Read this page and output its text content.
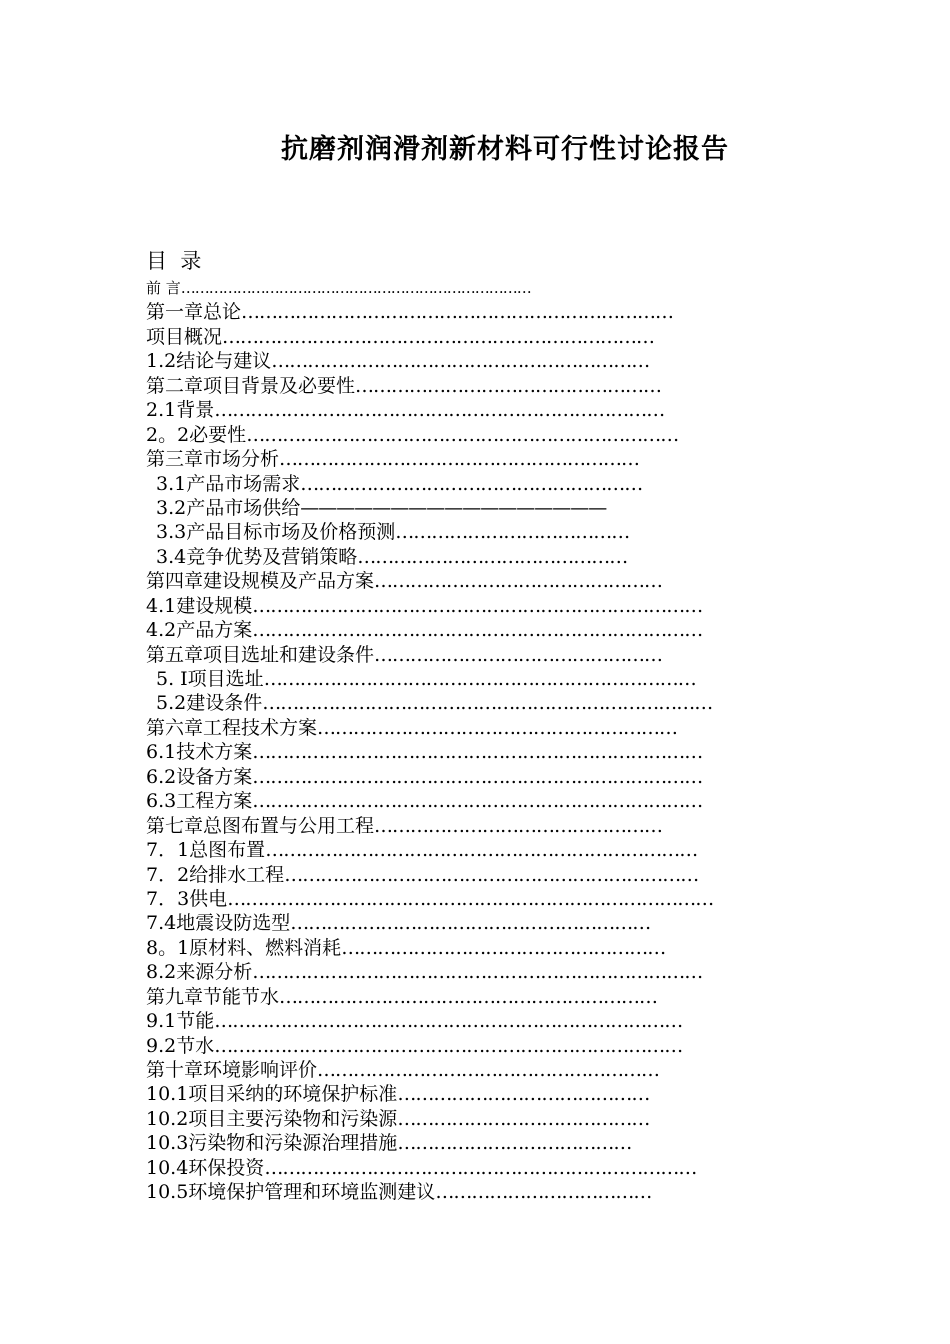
抗磨剂润滑剂新材料可行性讨论报告
目  录
前 言…………………………………………………………………
第一章总论………………………………………………………………
项目概况………………………………………………………………
1.2结论与建议………………………………………………………
第二章项目背景及必要性……………………………………………
2.1背景…………………………………………………………………
2。2必要性………………………………………………………………
第三章市场分析……………………………………………………
3.1产品市场需求…………………………………………………
3.2产品市场供给—————————————————
3.3产品目标市场及价格预测…………………………………
3.4竞争优势及营销策略………………………………………
第四章建设规模及产品方案…………………………………………
4.1建设规模…………………………………………………………………
4.2产品方案…………………………………………………………………
第五章项目选址和建设条件…………………………………………
5. I项目选址………………………………………………………………
5.2建设条件…………………………………………………………………
第六章工程技术方案……………………………………………………
6.1技术方案…………………………………………………………………
6.2设备方案…………………………………………………………………
6.3工程方案…………………………………………………………………
第七章总图布置与公用工程…………………………………………
7．1总图布置………………………………………………………………
7．2给排水工程……………………………………………………………
7．3供电………………………………………………………………………
7.4地震设防选型……………………………………………………
8。1原材料、燃料消耗………………………………………………
8.2来源分析…………………………………………………………………
第九章节能节水………………………………………………………
9.1节能……………………………………………………………………
9.2节水……………………………………………………………………
第十章环境影响评价…………………………………………………
10.1项目采纳的环境保护标准……………………………………
10.2项目主要污染物和污染源……………………………………
10.3污染物和污染源治理措施…………………………………
10.4环保投资………………………………………………………………
10.5环境保护管理和环境监测建议………………………………
